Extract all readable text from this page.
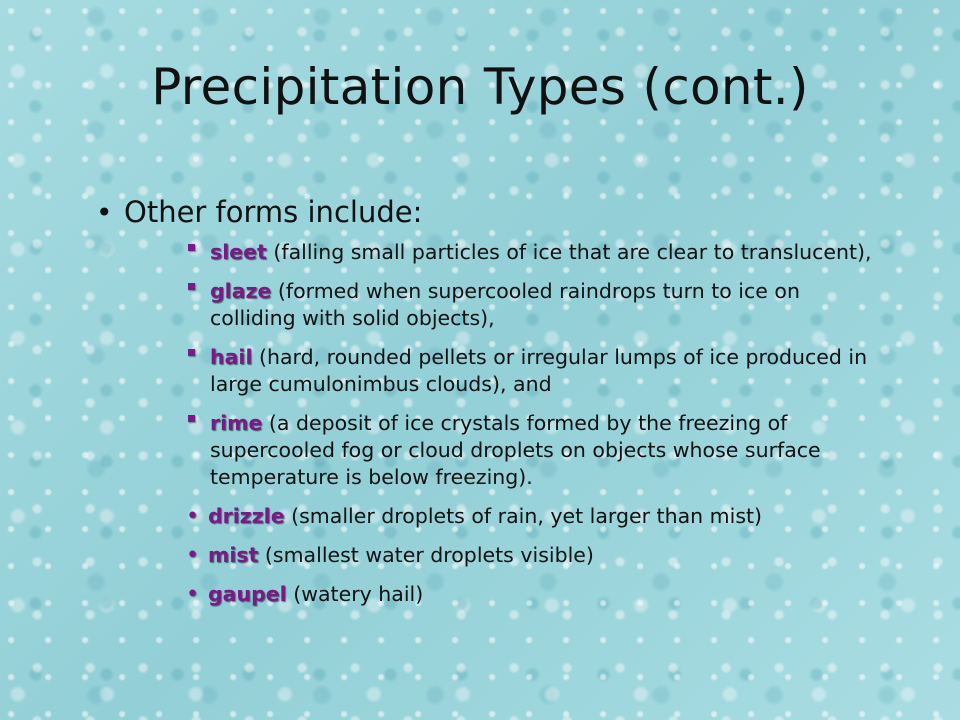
Precipitation Types (cont.)
• Other forms include:
sleet (falling small particles of ice that are clear to translucent),
glaze (formed when supercooled raindrops turn to ice on colliding with solid objects),
hail (hard, rounded pellets or irregular lumps of ice produced in large cumulonimbus clouds), and
rime (a deposit of ice crystals formed by the freezing of supercooled fog or cloud droplets on objects whose surface temperature is below freezing).
• drizzle (smaller droplets of rain, yet larger than mist)
• mist (smallest water droplets visible)
• gaupel (watery hail)
